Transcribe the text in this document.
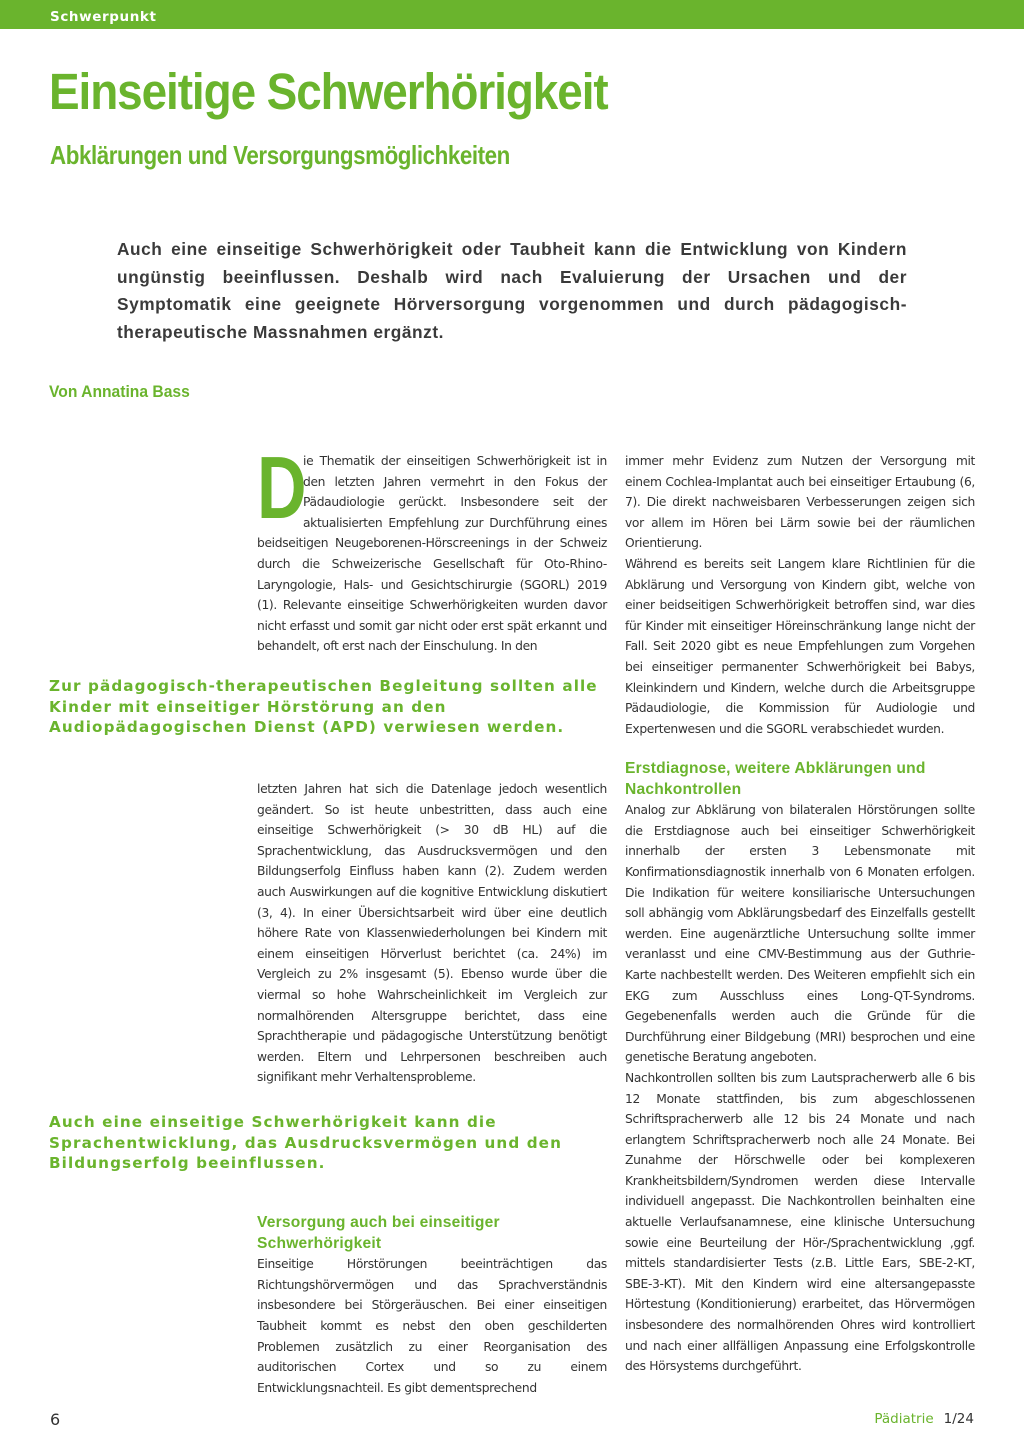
Schwerpunkt
Einseitige Schwerhörigkeit
Abklärungen und Versorgungsmöglichkeiten

Auch eine einseitige Schwerhörigkeit oder Taubheit kann die Entwicklung von Kindern ungünstig beeinflussen. Deshalb wird nach Evaluierung der Ursachen und der Symptomatik eine geeignete Hörversorgung vorgenommen und durch pädagogisch-therapeutische Massnahmen ergänzt.

Von Annatina Bass
D

ie Thematik der einseitigen Schwerhörigkeit ist in den letzten Jahren vermehrt in den Fokus der Pädaudiologie gerückt. Insbesondere seit der aktualisierten Empfehlung zur Durchführung eines beidseitigen Neugeborenen-Hörscreenings in der Schweiz durch die Schweizerische Gesellschaft für Oto-Rhino-Laryngologie, Hals- und Gesichtschirurgie (SGORL) 2019 (1). Relevante einseitige Schwerhörigkeiten wurden davor nicht erfasst und somit gar nicht oder erst spät erkannt und behandelt, oft erst nach der Einschulung. In den

Zur pädagogisch-therapeutischen Begleitung sollten alle Kinder mit einseitiger Hörstörung an den Audiopädagogischen Dienst (APD) verwiesen werden.

letzten Jahren hat sich die Datenlage jedoch wesentlich geändert. So ist heute unbestritten, dass auch eine einseitige Schwerhörigkeit (> 30 dB HL) auf die Sprachentwicklung, das Ausdrucksvermögen und den Bildungserfolg Einfluss haben kann (2). Zudem werden auch Auswirkungen auf die kognitive Entwicklung diskutiert (3, 4). In einer Übersichtsarbeit wird über eine deutlich höhere Rate von Klassenwiederholungen bei Kindern mit einem einseitigen Hörverlust berichtet (ca. 24%) im Vergleich zu 2% insgesamt (5). Ebenso wurde über die viermal so hohe Wahrscheinlichkeit im Vergleich zur normalhörenden Altersgruppe berichtet, dass eine Sprachtherapie und pädagogische Unterstützung benötigt werden. Eltern und Lehrpersonen beschreiben auch signifikant mehr Verhaltensprobleme.

Auch eine einseitige Schwerhörigkeit kann die Sprachentwicklung, das Ausdrucksvermögen und den Bildungserfolg beeinflussen.

Versorgung auch bei einseitiger Schwerhörigkeit

Einseitige Hörstörungen beeinträchtigen das Richtungshörvermögen und das Sprachverständnis insbesondere bei Störgeräuschen. Bei einer einseitigen Taubheit kommt es nebst den oben geschilderten Problemen zusätzlich zu einer Reorganisation des auditorischen Cortex und so zu einem Entwicklungsnachteil. Es gibt dementsprechend

immer mehr Evidenz zum Nutzen der Versorgung mit einem Cochlea-Implantat auch bei einseitiger Ertaubung (6, 7). Die direkt nachweisbaren Verbesserungen zeigen sich vor allem im Hören bei Lärm sowie bei der räumlichen Orientierung.

Während es bereits seit Langem klare Richtlinien für die Abklärung und Versorgung von Kindern gibt, welche von einer beidseitigen Schwerhörigkeit betroffen sind, war dies für Kinder mit einseitiger Höreinschränkung lange nicht der Fall. Seit 2020 gibt es neue Empfehlungen zum Vorgehen bei einseitiger permanenter Schwerhörigkeit bei Babys, Kleinkindern und Kindern, welche durch die Arbeitsgruppe Pädaudiologie, die Kommission für Audiologie und Expertenwesen und die SGORL verabschiedet wurden.

Erstdiagnose, weitere Abklärungen und Nachkontrollen

Analog zur Abklärung von bilateralen Hörstörungen sollte die Erstdiagnose auch bei einseitiger Schwerhörigkeit innerhalb der ersten 3 Lebensmonate mit Konfirmationsdiagnostik innerhalb von 6 Monaten erfolgen. Die Indikation für weitere konsiliarische Untersuchungen soll abhängig vom Abklärungsbedarf des Einzelfalls gestellt werden. Eine augenärztliche Untersuchung sollte immer veranlasst und eine CMV-Bestimmung aus der Guthrie-Karte nachbestellt werden. Des Weiteren empfiehlt sich ein EKG zum Ausschluss eines Long-QT-Syndroms. Gegebenenfalls werden auch die Gründe für die Durchführung einer Bildgebung (MRI) besprochen und eine genetische Beratung angeboten.

Nachkontrollen sollten bis zum Lautspracherwerb alle 6 bis 12 Monate stattfinden, bis zum abgeschlossenen Schriftspracherwerb alle 12 bis 24 Monate und nach erlangtem Schriftspracherwerb noch alle 24 Monate. Bei Zunahme der Hörschwelle oder bei komplexeren Krankheitsbildern/Syndromen werden diese Intervalle individuell angepasst. Die Nachkontrollen beinhalten eine aktuelle Verlaufsanamnese, eine klinische Untersuchung sowie eine Beurteilung der Hör-/Sprachentwicklung ,ggf. mittels standardisierter Tests (z.B. Little Ears, SBE-2-KT, SBE-3-KT). Mit den Kindern wird eine altersangepasste Hörtestung (Konditionierung) erarbeitet, das Hörvermögen insbesondere des normalhörenden Ohres wird kontrolliert und nach einer allfälligen Anpassung eine Erfolgskontrolle des Hörsystems durchgeführt.

6	Pädiatrie 1/24
